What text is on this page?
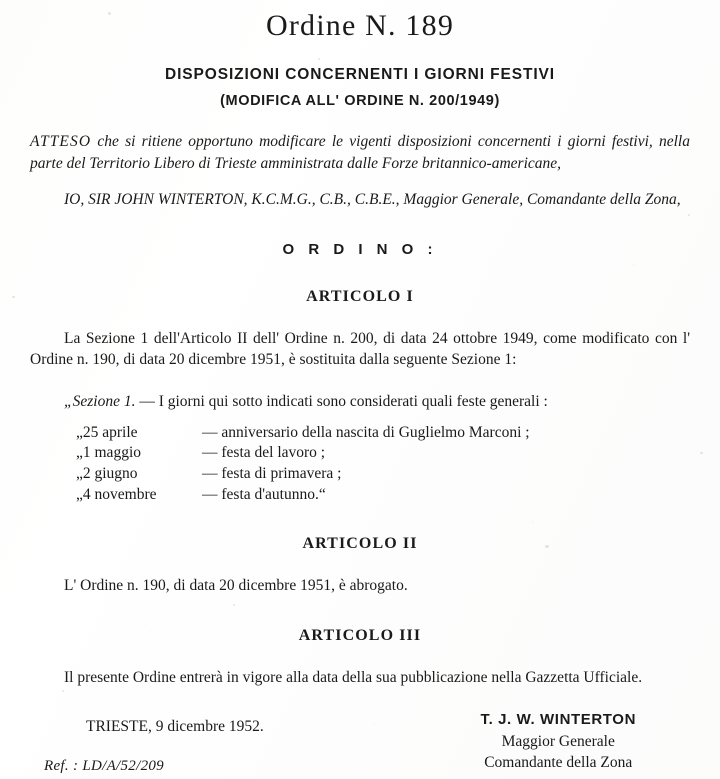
Ordine N. 189
DISPOSIZIONI CONCERNENTI I GIORNI FESTIVI
(MODIFICA ALL' ORDINE N. 200/1949)

ATTESO che si ritiene opportuno modificare le vigenti disposizioni concernenti i giorni festivi, nella parte del Territorio Libero di Trieste amministrata dalle Forze britannico-americane,

IO, SIR JOHN WINTERTON, K.C.M.G., C.B., C.B.E., Maggior Generale, Comandante della Zona,

O R D I N O :
ARTICOLO I

La Sezione 1 dell'Articolo II dell' Ordine n. 200, di data 24 ottobre 1949, come modificato con l' Ordine n. 190, di data 20 dicembre 1951, è sostituita dalla seguente Sezione 1:

„Sezione 1. — I giorni qui sotto indicati sono considerati quali feste generali :

„25 aprile	— anniversario della nascita di Guglielmo Marconi ;
„1 maggio	— festa del lavoro ;
„2 giugno	— festa di primavera ;
„4 novembre	— festa d'autunno.“
ARTICOLO II

L' Ordine n. 190, di data 20 dicembre 1951, è abrogato.

ARTICOLO III

Il presente Ordine entrerà in vigore alla data della sua pubblicazione nella Gazzetta Ufficiale.

TRIESTE, 9 dicembre 1952.

Ref. : LD/A/52/209

T. J. W. WINTERTON
Maggior Generale
Comandante della Zona
